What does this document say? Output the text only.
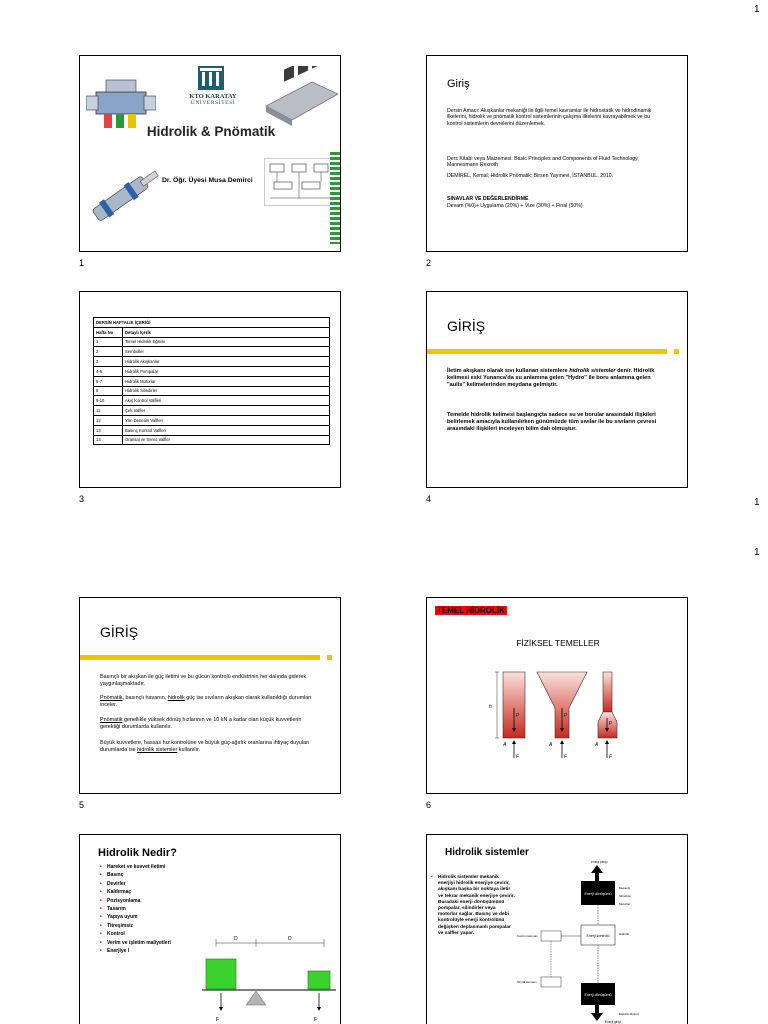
1
1
1
KTO KARATAY
ÜNİVERSİTESİ
Hidrolik & Pnömatik
Dr. Öğr. Üyesi Musa Demirci
1
Giriş
Dersin Amacı: Akışkanlar mekaniği ile ilgili temel kavramlar ile hidrostatik ve hidrodinamik ilkelerini, hidrolik ve pnömatik kontrol sistemlerinin çalışma ilkelerini kavrayabilmek ve bu kontrol sistemlerin devrelerini düzenlemek.
Ders Kitabı veya Malzemesi: Basic Principles and Components of Fluid Technology, Mannesmann Rexroth
DEMİREL, Kemal; Hidrolik Pnömatik; Birsen Yayınevi, İSTANBUL, 2010.
SINAVLAR VE DEĞERLENDİRME
Devam (%0)+ Uygulama (20%) + Vize (30%) + Final (50%)
2
DERSİN HAFTALIK İÇERİĞİ	
Hafta No	Detaylı İçerik
1	Temel Hidrolik Eğitimi
2	Semboller
3	Hidrolik Akışkanlar
4-5	Hidrolik Pompalar
6-7	Hidrolik Motorlar
8	Hidrolik Silindirler
9-10	Akış Kontrol Valfleri
11	Çek Valfler
12	Yön Denetim Valfleri
13	Basınç Kontrol Valfleri
14	Oransal ve Servo Valfler
3
GİRİŞ
İletim akışkanı olarak sıvı kullanan sistemlere hidrolik sistemler denir. Hidrolik kelimesi eski Yunanca'da su anlamına gelen "Hydro" ile boru anlamına gelen "aulis" kelimelerinden meydana gelmiştir.
Temelde hidrolik kelimesi başlangıçta sadece su ve borular arasındaki ilişkileri belirlemek amacıyla kullanılırken günümüzde tüm sıvılar ile bu sıvıların çevresi arasındaki ilişkileri inceleyen bilim dalı olmuştur.
4
GİRİŞ
Basınçlı bir akışkan ile güç iletimi ve bu gücün kontrolü endüstrinin her dalında giderek yaygınlaşmaktadır.
Pnömatik, basınçlı havanın, hidrolik güç ise sıvıların akışkan olarak kullanıldığı durumları inceler.
Pnömatik genellikle yüksek dönüş hızlarının ve 10 kN a kadar olan küçük kuvvetlerin gerektiği durumlarda kullanılır.
Büyük kuvvetlere, hassas hız kontrolüne ve büyük güç-ağırlık oranlarına ihtiyaç duyulan durumlarda ise hidrolik sistemler kullanılır.
5
TEMEL HİDROLİK
FİZİKSEL TEMELLER
h
p	p
p
A	A	A
F	F	F
6
Hidrolik Nedir?
• Hareket ve kuvvet iletimi
• Basınç
• Devirler
• Kaldırmaç
• Pozisyonlama
• Tasarım
• Yapıya uyum
• Titreşimsiz
• Kontrol
• Verim ve işletim maliyetleri
• Enerjiye I
D	D
F	F
Hidrolik sistemler
• Hidrolik sistemler mekanik enerjiyi hidrolik enerjiye çevirir, akışkanı başka bir noktaya iletir ve tekrar mekanik enerjiye çevirir. Buradaki enerji dönüşümünü pompalar, silindirler veya motorlar sağlar. Basınç ve debi kontrolüyle enerji kontrolünü değişken deplasmanlı pompalar ve valfler yapar.
Enerji dönüşümü
Enerji çıkışı
Enerji kontrolü
Enerji dönüşümü
Enerji girişi
Kontrol elemanı
Sinyal elemanı
Mekanik
Silindirler
Motorlar
Hidrolik
Elektrik Motoru
